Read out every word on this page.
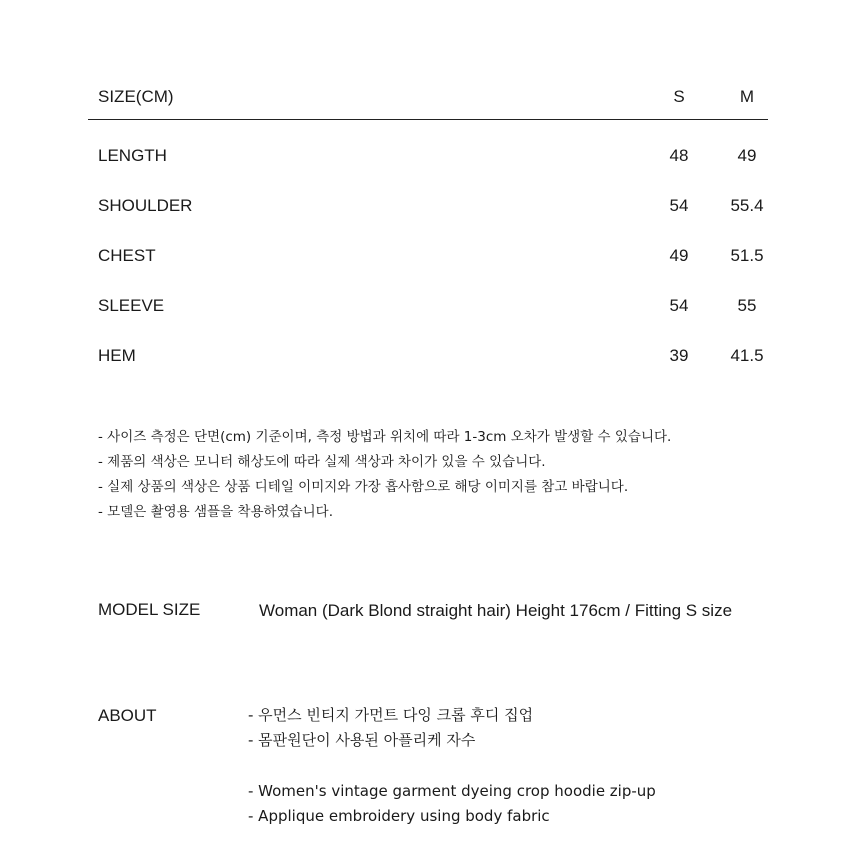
SIZE(CM)	S	M
LENGTH	48	49
SHOULDER	54	55.4
CHEST	49	51.5
SLEEVE	54	55
HEM	39	41.5
- 사이즈 측정은 단면(cm) 기준이며, 측정 방법과 위치에 따라 1-3cm 오차가 발생할 수 있습니다.
- 제품의 색상은 모니터 해상도에 따라 실제 색상과 차이가 있을 수 있습니다.
- 실제 상품의 색상은 상품 디테일 이미지와 가장 흡사함으로 해당 이미지를 참고 바랍니다.
- 모델은 촬영용 샘플을 착용하였습니다.
MODEL SIZE	Woman (Dark Blond straight hair) Height 176cm / Fitting S size
ABOUT	- 우먼스 빈티지 가먼트 다잉 크롭 후디 집업
- 몸판원단이 사용된 아플리케 자수
- Women's vintage garment dyeing crop hoodie zip-up
- Applique embroidery using body fabric
